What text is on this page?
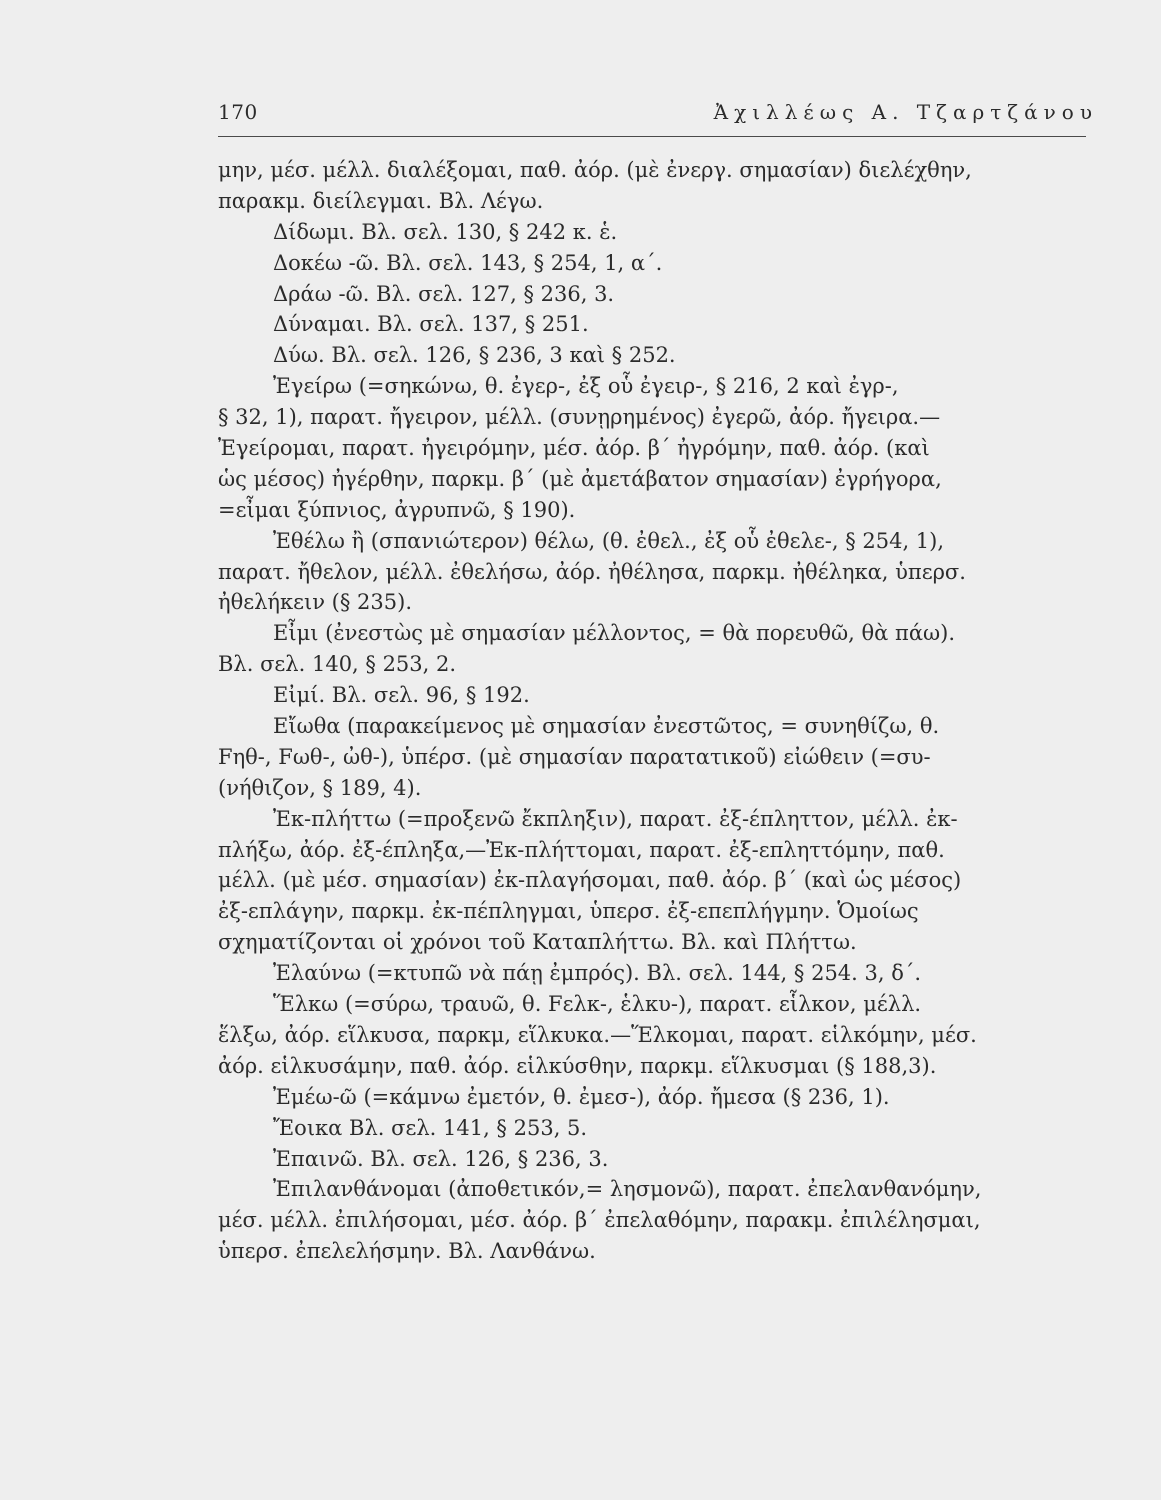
170	Ἀχιλλέως Α. Τζαρτζάνου
μην, μέσ. μέλλ. διαλέξομαι, παθ. ἀόρ. (μὲ ἐνεργ. σημασίαν) διελέχθην,
παρακμ. διείλεγμαι. Βλ. Λέγω.
Δίδωμι. Βλ. σελ. 130, § 242 κ. ἑ.
Δοκέω -ῶ. Βλ. σελ. 143, § 254, 1, α΄.
Δράω -ῶ. Βλ. σελ. 127, § 236, 3.
Δύναμαι. Βλ. σελ. 137, § 251.
Δύω. Βλ. σελ. 126, § 236, 3 καὶ § 252.
Ἐγείρω (=σηκώνω, θ. ἐγερ-, ἐξ οὗ ἐγειρ-, § 216, 2 καὶ ἐγρ-,
§ 32, 1), παρατ. ἤγειρον, μέλλ. (συνῃρημένος) ἐγερῶ, ἀόρ. ἤγειρα.—
Ἐγείρομαι, παρατ. ἠγειρόμην, μέσ. ἀόρ. β΄ ἠγρόμην, παθ. ἀόρ. (καὶ
ὡς μέσος) ἠγέρθην, παρκμ. β΄ (μὲ ἀμετάβατον σημασίαν) ἐγρήγορα,
=εἶμαι ξύπνιος, ἀγρυπνῶ, § 190).
Ἐθέλω ἢ (σπανιώτερον) θέλω, (θ. ἐθελ., ἐξ οὗ ἐθελε-, § 254, 1),
παρατ. ἤθελον, μέλλ. ἐθελήσω, ἀόρ. ἠθέλησα, παρκμ. ἠθέληκα, ὑπερσ.
ἠθελήκειν (§ 235).
Εἶμι (ἐνεστὼς μὲ σημασίαν μέλλοντος, = θὰ πορευθῶ, θὰ πάω).
Βλ. σελ. 140, § 253, 2.
Εἰμί. Βλ. σελ. 96, § 192.
Εἴωθα (παρακείμενος μὲ σημασίαν ἐνεστῶτος, = συνηθίζω, θ.
Fηθ-, Fωθ-, ὠθ-), ὑπέρσ. (μὲ σημασίαν παρατατικοῦ) εἰώθειν (=συ-
(νήθιζον, § 189, 4).
Ἐκ-πλήττω (=προξενῶ ἔκπληξιν), παρατ. ἐξ-έπληττον, μέλλ. ἐκ-
πλήξω, ἀόρ. ἐξ-έπληξα,—Ἐκ-πλήττομαι, παρατ. ἐξ-επληττόμην, παθ.
μέλλ. (μὲ μέσ. σημασίαν) ἐκ-πλαγήσομαι, παθ. ἀόρ. β΄ (καὶ ὡς μέσος)
ἐξ-επλάγην, παρκμ. ἐκ-πέπληγμαι, ὑπερσ. ἐξ-επεπλήγμην. Ὁμοίως
σχηματίζονται οἱ χρόνοι τοῦ Καταπλήττω. Βλ. καὶ Πλήττω.
Ἐλαύνω (=κτυπῶ νὰ πάῃ ἐμπρός). Βλ. σελ. 144, § 254. 3, δ΄.
Ἕλκω (=σύρω, τραυῶ, θ. Fελκ-, ἑλκυ-), παρατ. εἷλκον, μέλλ.
ἕλξω, ἀόρ. εἵλκυσα, παρκμ, εἵλκυκα.—Ἕλκομαι, παρατ. εἱλκόμην, μέσ.
ἀόρ. εἱλκυσάμην, παθ. ἀόρ. εἱλκύσθην, παρκμ. εἵλκυσμαι (§ 188,3).
Ἐμέω-ῶ (=κάμνω ἐμετόν, θ. ἐμεσ-), ἀόρ. ἤμεσα (§ 236, 1).
Ἔοικα Βλ. σελ. 141, § 253, 5.
Ἐπαινῶ. Βλ. σελ. 126, § 236, 3.
Ἐπιλανθάνομαι (ἀποθετικόν,= λησμονῶ), παρατ. ἐπελανθανόμην,
μέσ. μέλλ. ἐπιλήσομαι, μέσ. ἀόρ. β΄ ἐπελαθόμην, παρακμ. ἐπιλέλησμαι,
ὑπερσ. ἐπελελήσμην. Βλ. Λανθάνω.
